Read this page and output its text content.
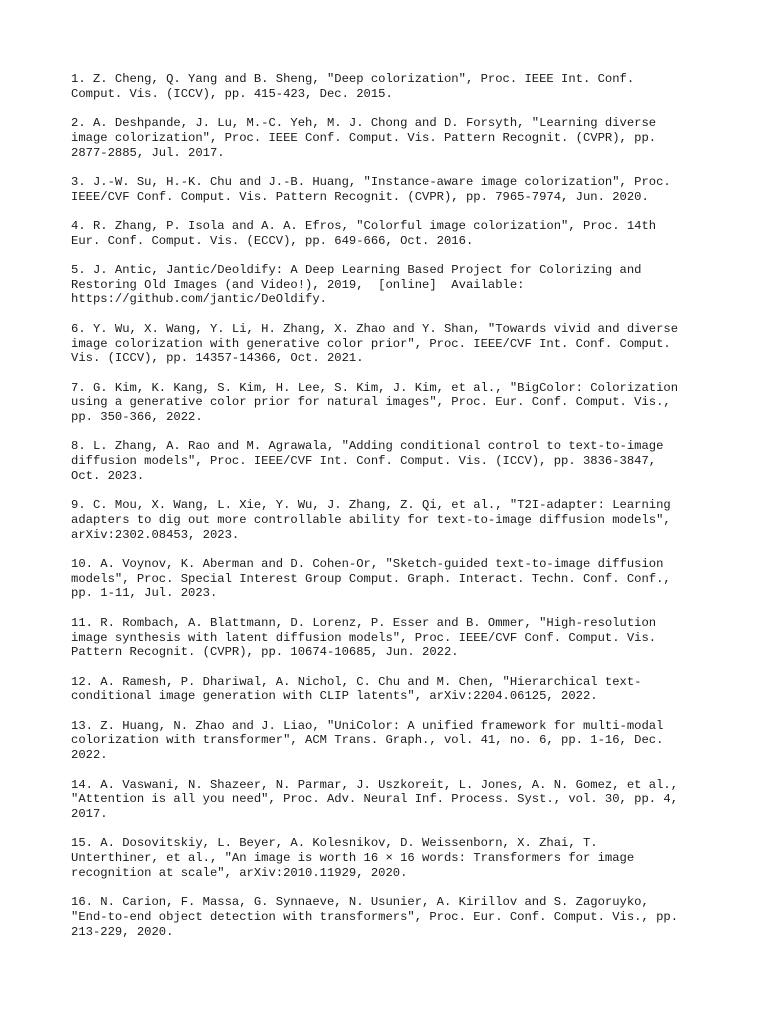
1. Z. Cheng, Q. Yang and B. Sheng, "Deep colorization", Proc. IEEE Int. Conf.
Comput. Vis. (ICCV), pp. 415-423, Dec. 2015.

2. A. Deshpande, J. Lu, M.-C. Yeh, M. J. Chong and D. Forsyth, "Learning diverse
image colorization", Proc. IEEE Conf. Comput. Vis. Pattern Recognit. (CVPR), pp.
2877-2885, Jul. 2017.

3. J.-W. Su, H.-K. Chu and J.-B. Huang, "Instance-aware image colorization", Proc.
IEEE/CVF Conf. Comput. Vis. Pattern Recognit. (CVPR), pp. 7965-7974, Jun. 2020.

4. R. Zhang, P. Isola and A. A. Efros, "Colorful image colorization", Proc. 14th
Eur. Conf. Comput. Vis. (ECCV), pp. 649-666, Oct. 2016.

5. J. Antic, Jantic/Deoldify: A Deep Learning Based Project for Colorizing and
Restoring Old Images (and Video!), 2019,  [online]  Available:
https://github.com/jantic/DeOldify.

6. Y. Wu, X. Wang, Y. Li, H. Zhang, X. Zhao and Y. Shan, "Towards vivid and diverse
image colorization with generative color prior", Proc. IEEE/CVF Int. Conf. Comput.
Vis. (ICCV), pp. 14357-14366, Oct. 2021.

7. G. Kim, K. Kang, S. Kim, H. Lee, S. Kim, J. Kim, et al., "BigColor: Colorization
using a generative color prior for natural images", Proc. Eur. Conf. Comput. Vis.,
pp. 350-366, 2022.

8. L. Zhang, A. Rao and M. Agrawala, "Adding conditional control to text-to-image
diffusion models", Proc. IEEE/CVF Int. Conf. Comput. Vis. (ICCV), pp. 3836-3847,
Oct. 2023.

9. C. Mou, X. Wang, L. Xie, Y. Wu, J. Zhang, Z. Qi, et al., "T2I-adapter: Learning
adapters to dig out more controllable ability for text-to-image diffusion models",
arXiv:2302.08453, 2023.

10. A. Voynov, K. Aberman and D. Cohen-Or, "Sketch-guided text-to-image diffusion
models", Proc. Special Interest Group Comput. Graph. Interact. Techn. Conf. Conf.,
pp. 1-11, Jul. 2023.

11. R. Rombach, A. Blattmann, D. Lorenz, P. Esser and B. Ommer, "High-resolution
image synthesis with latent diffusion models", Proc. IEEE/CVF Conf. Comput. Vis.
Pattern Recognit. (CVPR), pp. 10674-10685, Jun. 2022.

12. A. Ramesh, P. Dhariwal, A. Nichol, C. Chu and M. Chen, "Hierarchical text-
conditional image generation with CLIP latents", arXiv:2204.06125, 2022.

13. Z. Huang, N. Zhao and J. Liao, "UniColor: A unified framework for multi-modal
colorization with transformer", ACM Trans. Graph., vol. 41, no. 6, pp. 1-16, Dec.
2022.

14. A. Vaswani, N. Shazeer, N. Parmar, J. Uszkoreit, L. Jones, A. N. Gomez, et al.,
"Attention is all you need", Proc. Adv. Neural Inf. Process. Syst., vol. 30, pp. 4,
2017.

15. A. Dosovitskiy, L. Beyer, A. Kolesnikov, D. Weissenborn, X. Zhai, T.
Unterthiner, et al., "An image is worth 16 × 16 words: Transformers for image
recognition at scale", arXiv:2010.11929, 2020.

16. N. Carion, F. Massa, G. Synnaeve, N. Usunier, A. Kirillov and S. Zagoruyko,
"End-to-end object detection with transformers", Proc. Eur. Conf. Comput. Vis., pp.
213-229, 2020.
